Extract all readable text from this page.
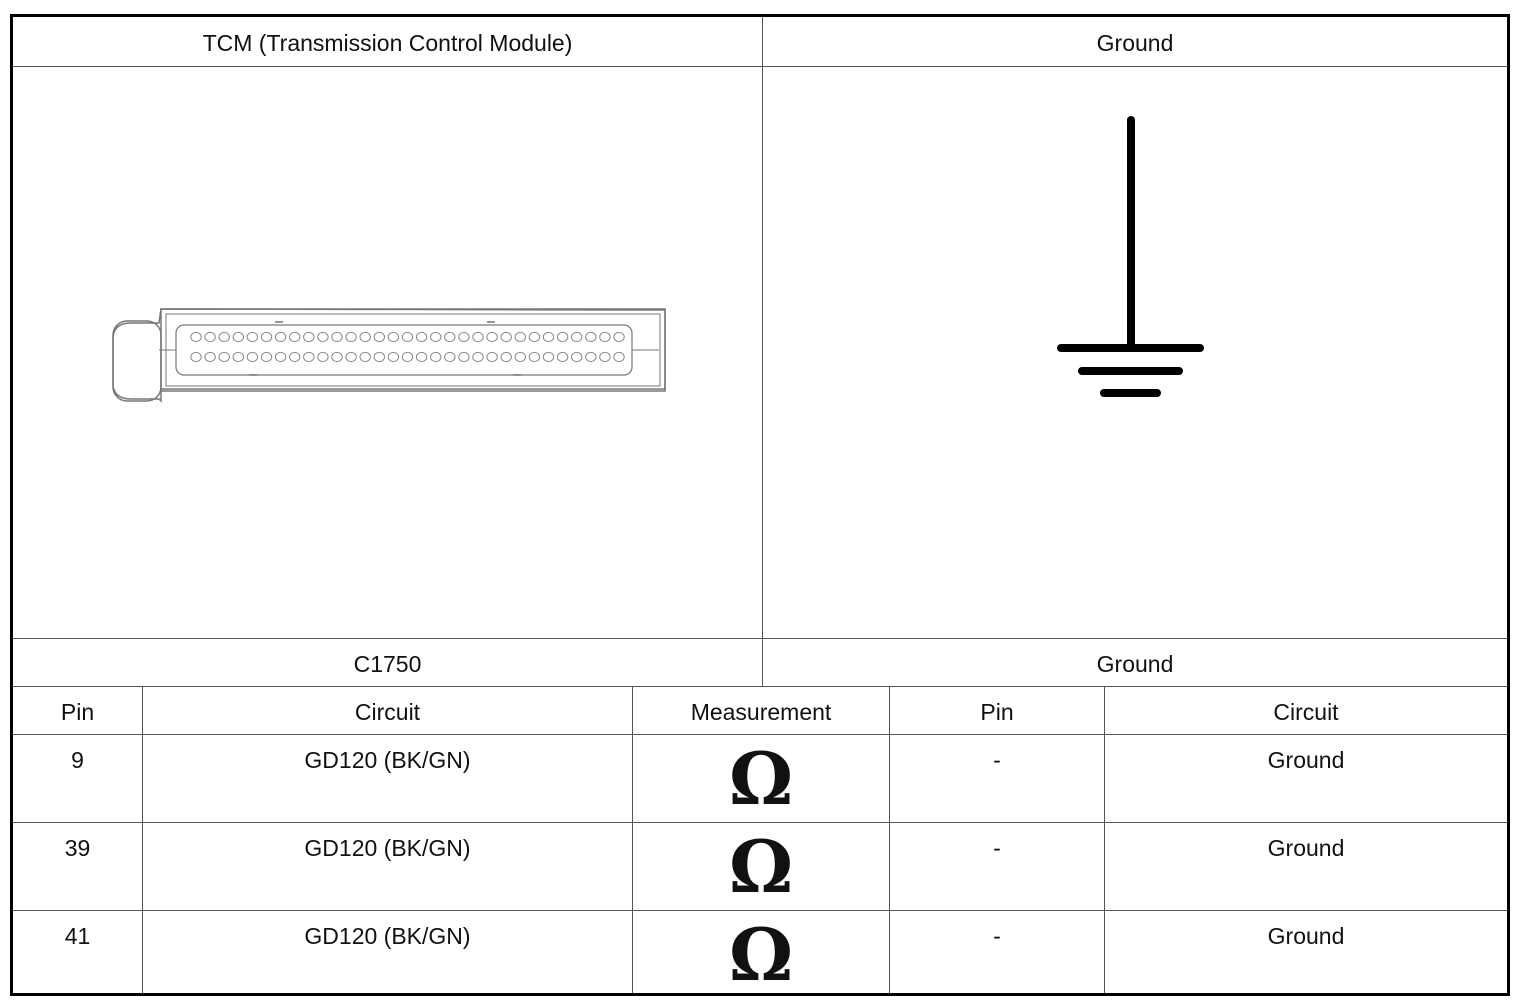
TCM (Transmission Control Module)	Ground
C1750	Ground
Pin	Circuit	Measurement	Pin	Circuit
9	GD120 (BK/GN)	Ω	-	Ground
39	GD120 (BK/GN)	Ω	-	Ground
41	GD120 (BK/GN)	Ω	-	Ground
